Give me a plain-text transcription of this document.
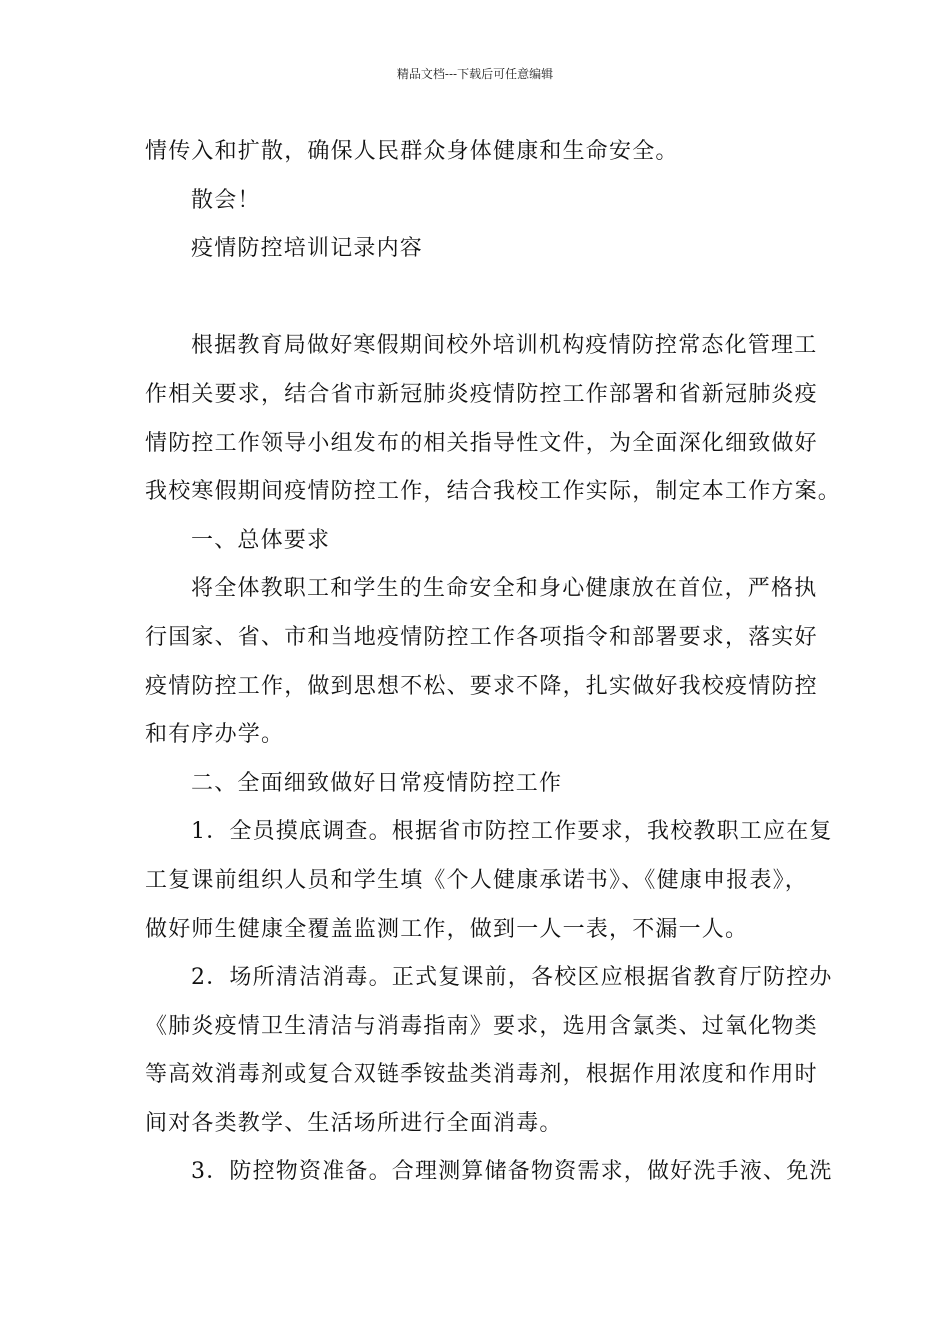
精品文档---下载后可任意编辑

情传入和扩散，确保人民群众身体健康和生命安全。

散会！

疫情防控培训记录内容

根据教育局做好寒假期间校外培训机构疫情防控常态化管理工

作相关要求，结合省市新冠肺炎疫情防控工作部署和省新冠肺炎疫

情防控工作领导小组发布的相关指导性文件，为全面深化细致做好

我校寒假期间疫情防控工作，结合我校工作实际，制定本工作方案。

一、总体要求

将全体教职工和学生的生命安全和身心健康放在首位，严格执

行国家、省、市和当地疫情防控工作各项指令和部署要求，落实好

疫情防控工作，做到思想不松、要求不降，扎实做好我校疫情防控

和有序办学。

二、全面细致做好日常疫情防控工作

1．全员摸底调查。根据省市防控工作要求，我校教职工应在复

工复课前组织人员和学生填《个人健康承诺书》、《健康申报表》，

做好师生健康全覆盖监测工作，做到一人一表，不漏一人。

2．场所清洁消毒。正式复课前，各校区应根据省教育厅防控办

《肺炎疫情卫生清洁与消毒指南》要求，选用含氯类、过氧化物类

等高效消毒剂或复合双链季铵盐类消毒剂，根据作用浓度和作用时

间对各类教学、生活场所进行全面消毒。

3．防控物资准备。合理测算储备物资需求，做好洗手液、免洗
